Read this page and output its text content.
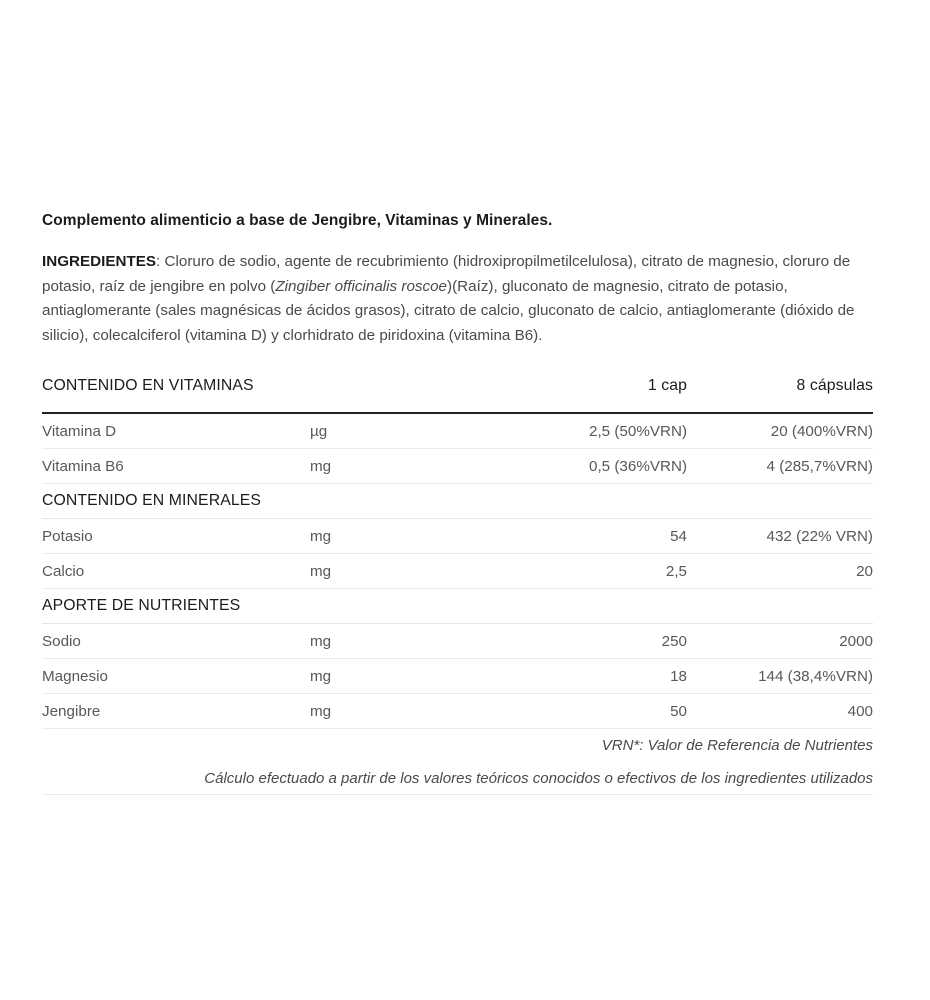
Complemento alimenticio a base de Jengibre, Vitaminas y Minerales.

INGREDIENTES: Cloruro de sodio, agente de recubrimiento (hidroxipropilmetilcelulosa), citrato de magnesio, cloruro de potasio, raíz de jengibre en polvo (Zingiber officinalis roscoe)(Raíz), gluconato de magnesio, citrato de potasio, antiaglomerante (sales magnésicas de ácidos grasos), citrato de calcio, gluconato de calcio, antiaglomerante (dióxido de silicio), colecalciferol (vitamina D) y clorhidrato de piridoxina (vitamina B6).

CONTENIDO EN VITAMINAS		1 cap	8 cápsulas
Vitamina D	µg	2,5 (50%VRN)	20 (400%VRN)
Vitamina B6	mg	0,5 (36%VRN)	4 (285,7%VRN)
CONTENIDO EN MINERALES			
Potasio	mg	54	432 (22% VRN)
Calcio	mg	2,5	20
APORTE DE NUTRIENTES			
Sodio	mg	250	2000
Magnesio	mg	18	144 (38,4%VRN)
Jengibre	mg	50	400
VRN*: Valor de Referencia de Nutrientes			
Cálculo efectuado a partir de los valores teóricos conocidos o efectivos de los ingredientes utilizados			
